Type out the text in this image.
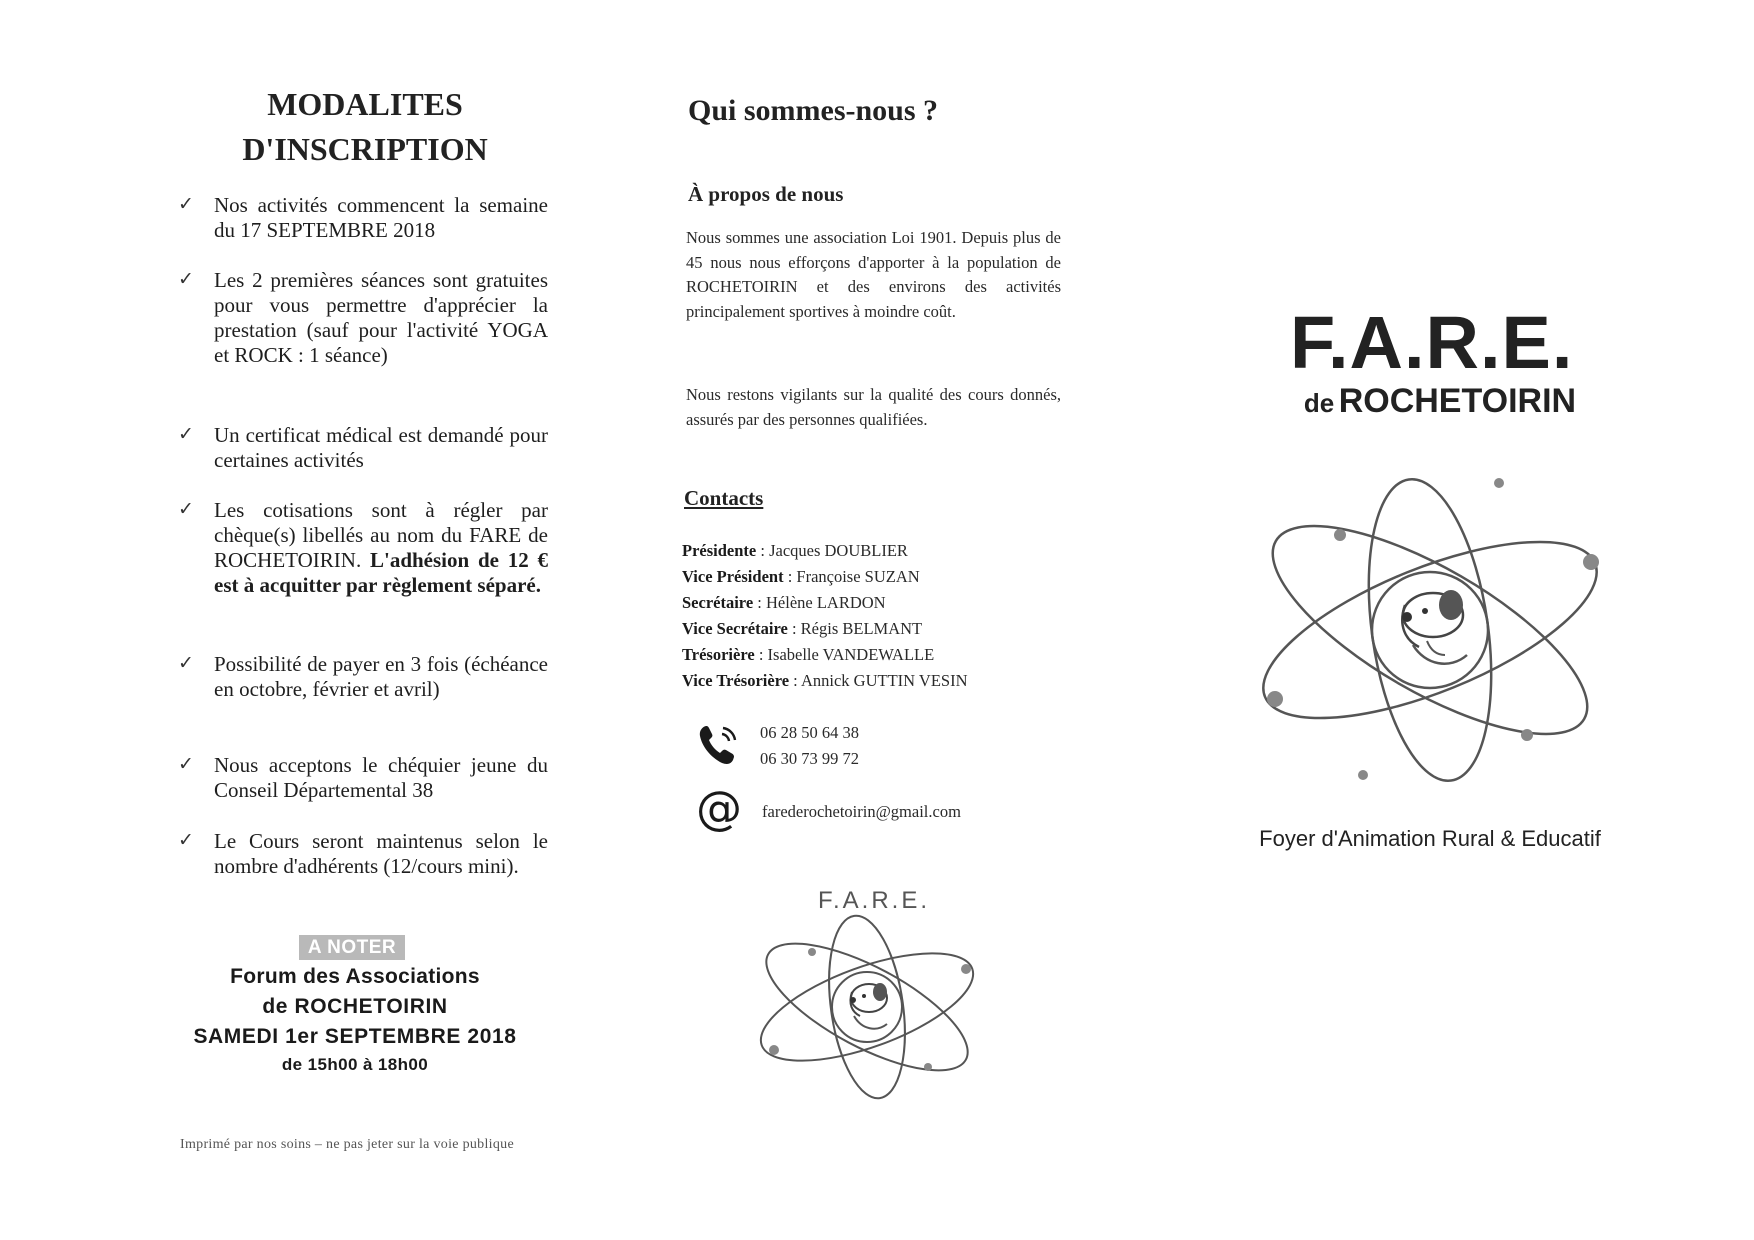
MODALITES
D'INSCRIPTION
✓ Nos activités commencent la semaine du 17 SEPTEMBRE 2018
✓ Les 2 premières séances sont gratuites pour vous permettre d'apprécier la prestation (sauf pour l'activité YOGA et ROCK : 1 séance)
✓ Un certificat médical est demandé pour certaines activités
✓ Les cotisations sont à régler par chèque(s) libellés au nom du FARE de ROCHETOIRIN. L'adhésion de 12 € est à acquitter par règlement séparé.
✓ Possibilité de payer en 3 fois (échéance en octobre, février et avril)
✓ Nous acceptons le chéquier jeune du Conseil Départemental 38
✓ Le Cours seront maintenus selon le nombre d'adhérents (12/cours mini).
A NOTER
Forum des Associations
de ROCHETOIRIN
SAMEDI 1er SEPTEMBRE 2018
de 15h00 à 18h00
Imprimé par nos soins – ne pas jeter sur la voie publique
Qui sommes-nous ?
À propos de nous
Nous sommes une association Loi 1901. Depuis plus de 45 nous nous efforçons d'apporter à la population de ROCHETOIRIN et des environs des activités principalement sportives à moindre coût.
Nous restons vigilants sur la qualité des cours donnés, assurés par des personnes qualifiées.
Contacts
Présidente : Jacques DOUBLIER
Vice Président : Françoise SUZAN
Secrétaire : Hélène LARDON
Vice Secrétaire : Régis BELMANT
Trésorière : Isabelle VANDEWALLE
Vice Trésorière : Annick GUTTIN VESIN
06 28 50 64 38
06 30 73 99 72
@ farederochetoirin@gmail.com
F.A.R.E.
F.A.R.E.
de ROCHETOIRIN
Foyer d'Animation Rural & Educatif
